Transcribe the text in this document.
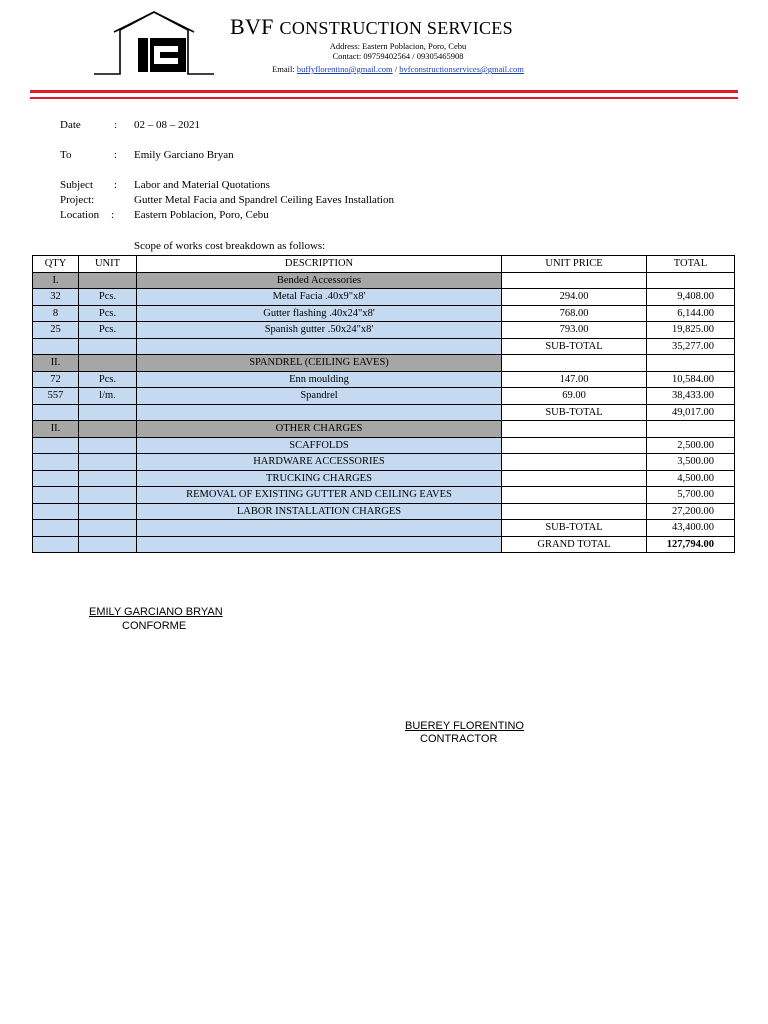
BVF CONSTRUCTION SERVICES
Address: Eastern Poblacion, Poro, Cebu
Contact: 09759402564 / 09305465908
Email: buffyflorentino@gmail.com / bvfconstructionservices@gmail.com
Date	: 02 – 08 – 2021
To	: Emily Garciano Bryan
Subject : Labor and Material Quotations
Project:	Gutter Metal Facia and Spandrel Ceiling Eaves Installation
Location : Eastern Poblacion, Poro, Cebu
Scope of works cost breakdown as follows:
QTY	UNIT	DESCRIPTION	UNIT PRICE	TOTAL
I.		Bended Accessories		
32	Pcs.	Metal Facia .40x9"x8'	294.00	9,408.00
8	Pcs.	Gutter flashing .40x24"x8'	768.00	6,144.00
25	Pcs.	Spanish gutter .50x24"x8'	793.00	19,825.00
			SUB-TOTAL	35,277.00
II.		SPANDREL (CEILING EAVES)		
72	Pcs.	Enn moulding	147.00	10,584.00
557	l/m.	Spandrel	69.00	38,433.00
			SUB-TOTAL	49,017.00
II.		OTHER CHARGES		
		SCAFFOLDS		2,500.00
		HARDWARE ACCESSORIES		3,500.00
		TRUCKING CHARGES		4,500.00
		REMOVAL OF EXISTING GUTTER AND CEILING EAVES		5,700.00
		LABOR INSTALLATION CHARGES		27,200.00
			SUB-TOTAL	43,400.00
			GRAND TOTAL	127,794.00
EMILY GARCIANO BRYAN
CONFORME
BUEREY FLORENTINO
CONTRACTOR
